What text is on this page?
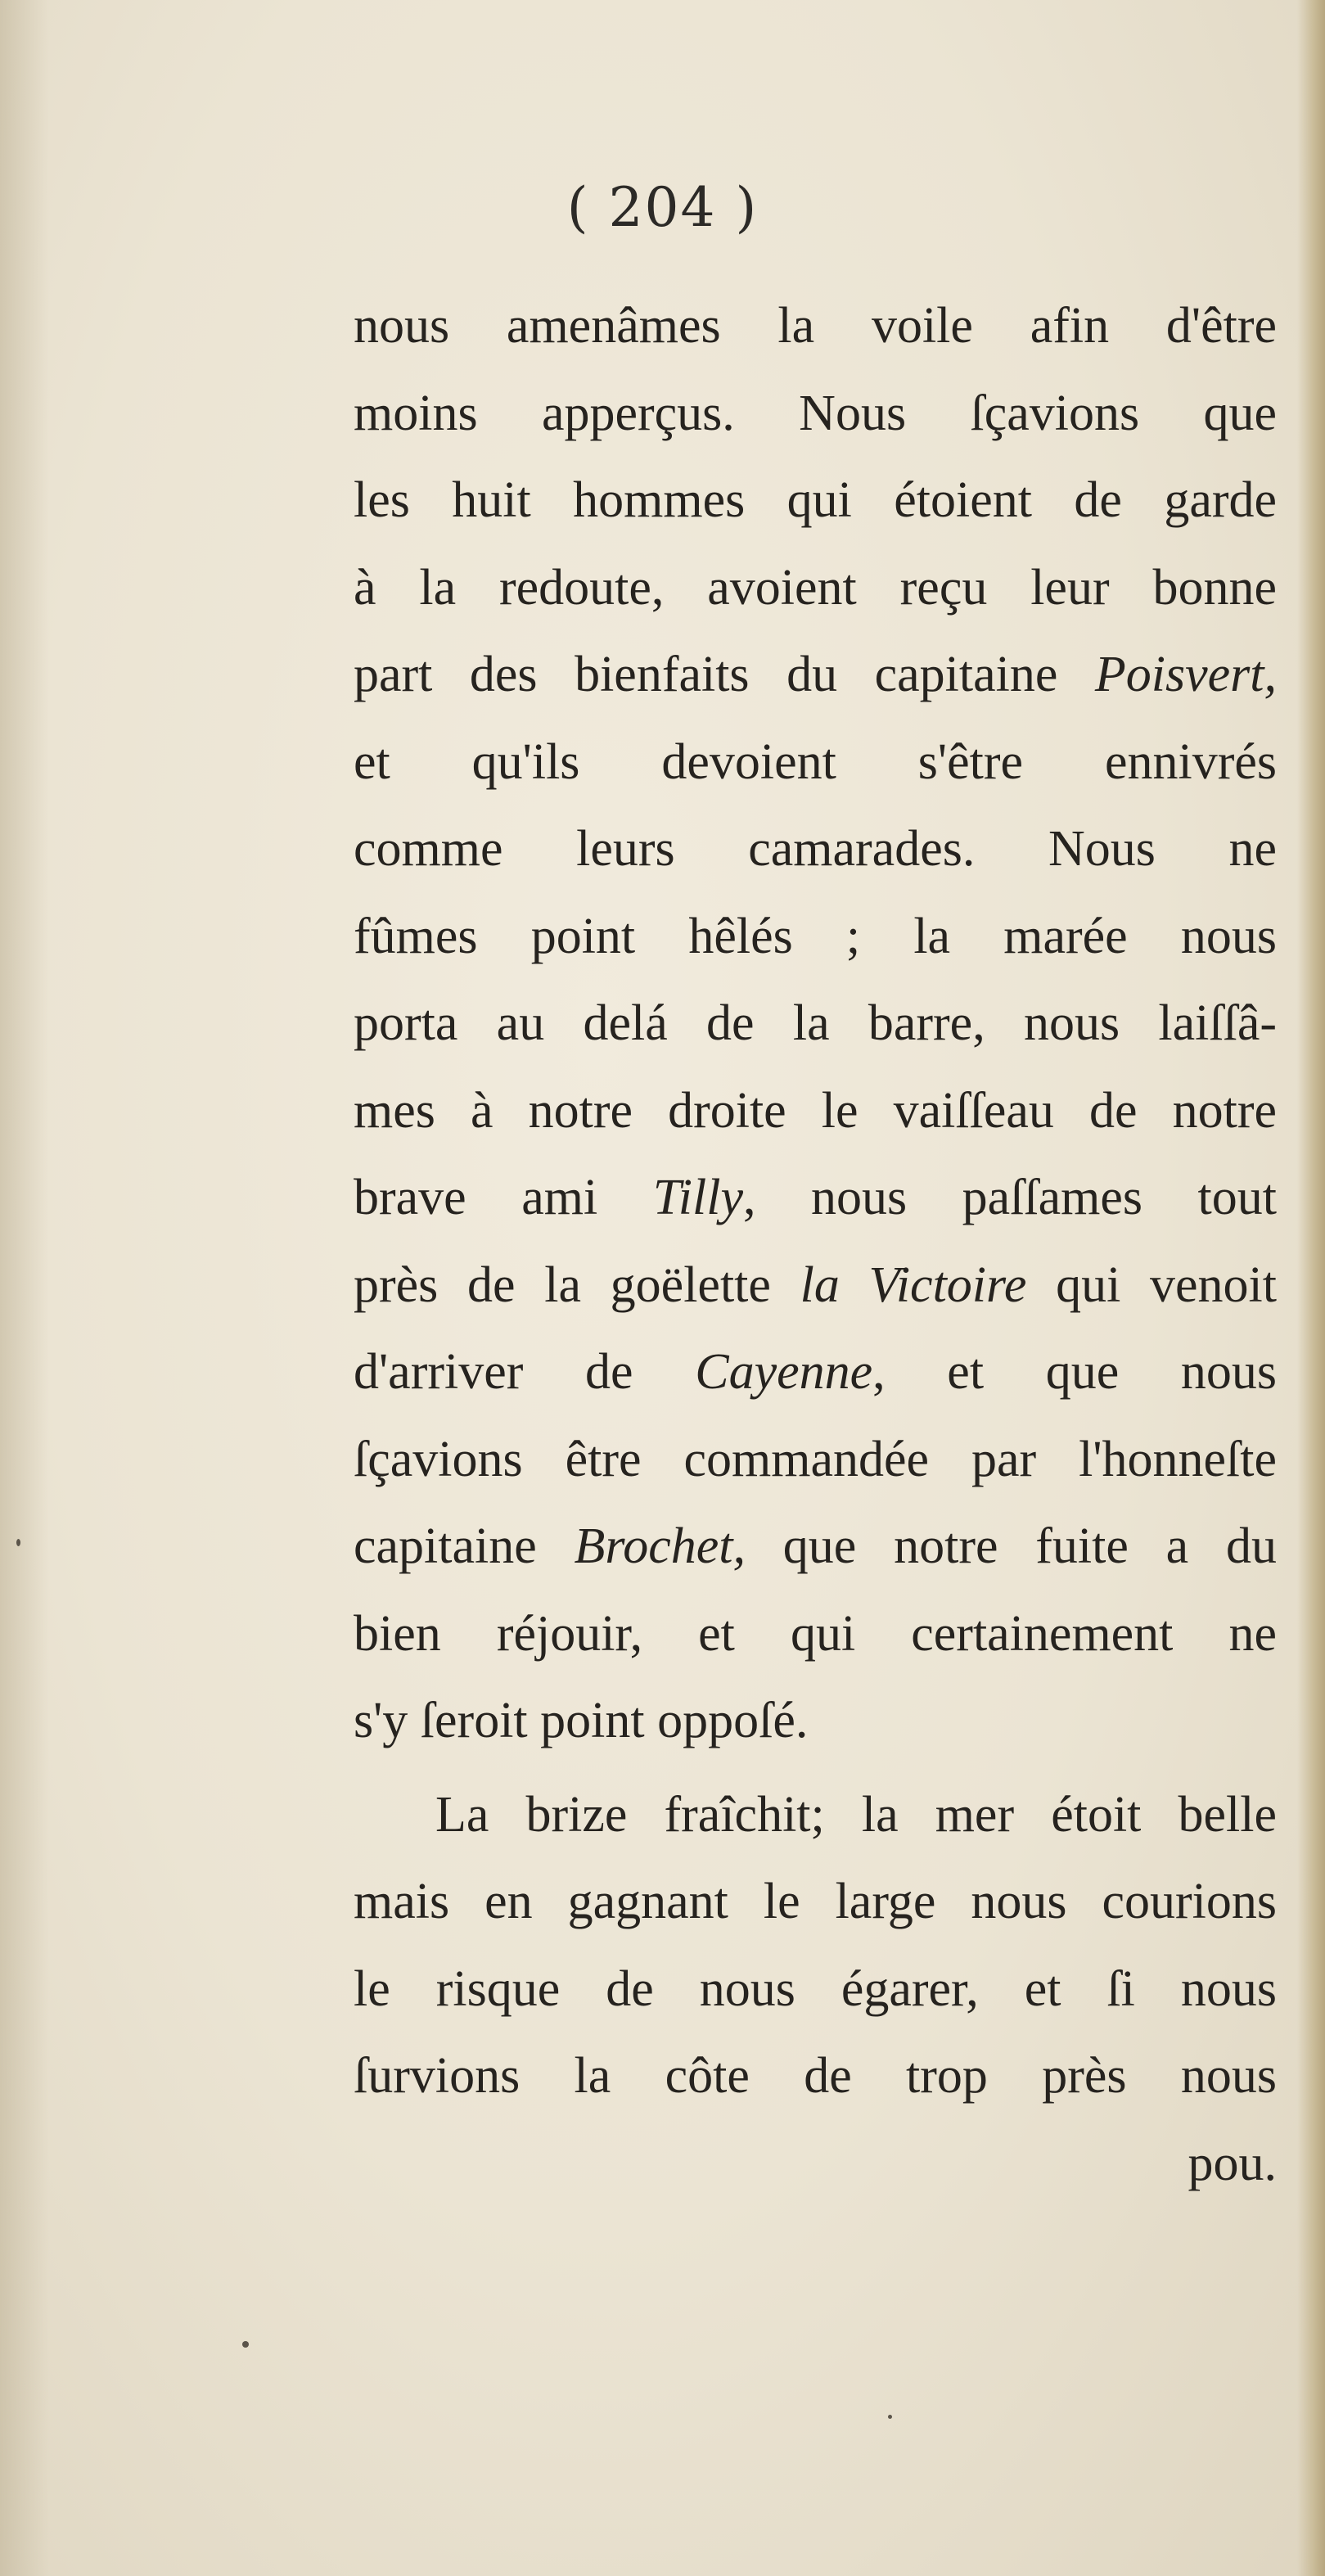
( 204 )
nous amenâmes la voile afin d'être
moins apperçus. Nous ſçavions que
les huit hommes qui étoient de garde
à la redoute, avoient reçu leur bonne
part des bienfaits du capitaine Poisvert,
et qu'ils devoient s'être ennivrés
comme leurs camarades. Nous ne
fûmes point hêlés ; la marée nous
porta au delá de la barre, nous laiſſâ-
mes à notre droite le vaiſſeau de notre
brave ami Tilly, nous paſſames tout
près de la goëlette la Victoire qui venoit
d'arriver de Cayenne, et que nous
ſçavions être commandée par l'honneſte
capitaine Brochet, que notre fuite a du
bien réjouir, et qui certainement ne
s'y ſeroit point oppoſé.
La brize fraîchit; la mer étoit belle
mais en gagnant le large nous courions
le risque de nous égarer, et ſi nous
ſurvions la côte de trop près nous
pou.
